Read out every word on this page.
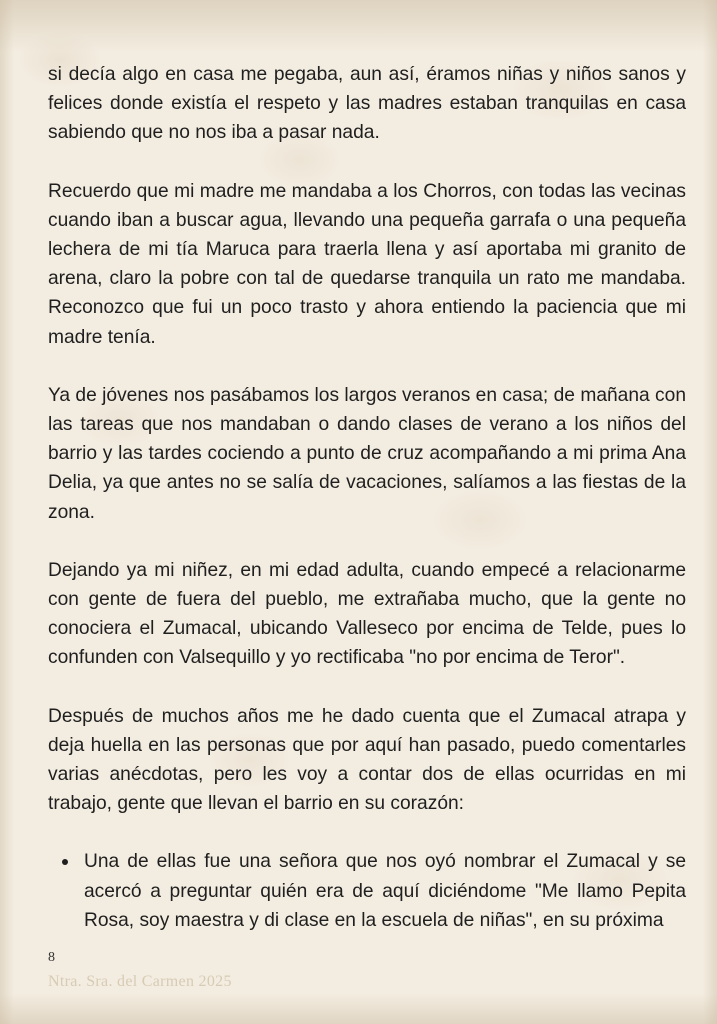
si decía algo en casa me pegaba, aun así, éramos niñas y niños sanos y felices donde existía el respeto y las madres estaban tranquilas en casa sabiendo que no nos iba a pasar nada.

Recuerdo que mi madre me mandaba a los Chorros, con todas las vecinas cuando iban a buscar agua, llevando una pequeña garrafa o una pequeña lechera de mi tía Maruca para traerla llena y así aportaba mi granito de arena, claro la pobre con tal de quedarse tranquila un rato me mandaba. Reconozco que fui un poco trasto y ahora entiendo la paciencia que mi madre tenía.

Ya de jóvenes nos pasábamos los largos veranos en casa; de mañana con las tareas que nos mandaban o dando clases de verano a los niños del barrio y las tardes cociendo a punto de cruz acompañando a mi prima Ana Delia, ya que antes no se salía de vacaciones, salíamos a las fiestas de la zona.

Dejando ya mi niñez, en mi edad adulta, cuando empecé a relacionarme con gente de fuera del pueblo, me extrañaba mucho, que la gente no conociera el Zumacal, ubicando Valleseco por encima de Telde, pues lo confunden con Valsequillo y yo rectificaba "no por encima de Teror".

Después de muchos años me he dado cuenta que el Zumacal atrapa y deja huella en las personas que por aquí han pasado, puedo comentarles varias anécdotas, pero les voy a contar dos de ellas ocurridas en mi trabajo, gente que llevan el barrio en su corazón:

Una de ellas fue una señora que nos oyó nombrar el Zumacal y se acercó a preguntar quién era de aquí diciéndome "Me llamo Pepita Rosa, soy maestra y di clase en la escuela de niñas", en su próxima
8
Ntra. Sra. del Carmen 2025
